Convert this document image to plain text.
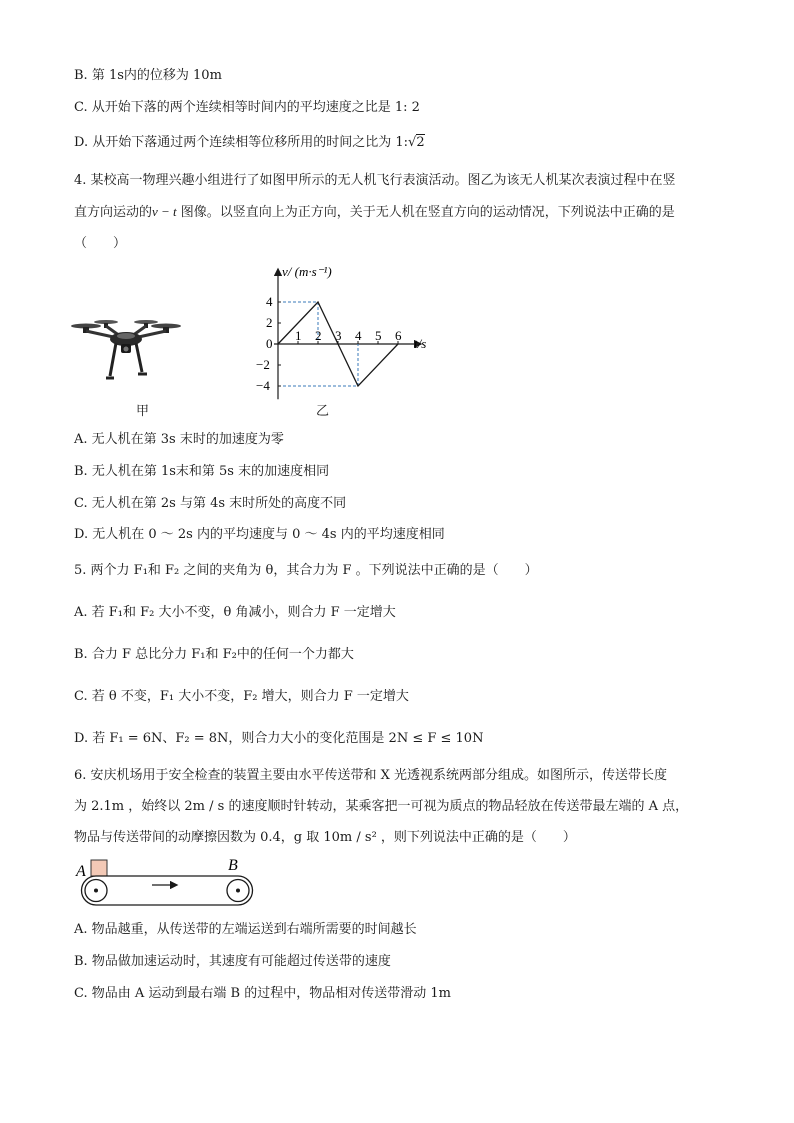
B. 第 1s内的位移为 10m
C. 从开始下落的两个连续相等时间内的平均速度之比是 1: 2
D. 从开始下落通过两个连续相等位移所用的时间之比为 1:√2
4. 某校高一物理兴趣小组进行了如图甲所示的无人机飞行表演活动。图乙为该无人机某次表演过程中在竖
直方向运动的v − t 图像。以竖直向上为正方向，关于无人机在竖直方向的运动情况，下列说法中正确的是
（　　）
甲
1 2 3 4 5 6
4
2
0
−2
−4
v/ (m·s⁻¹)
t/s
乙
A. 无人机在第 3s 末时的加速度为零
B. 无人机在第 1s末和第 5s 末的加速度相同
C. 无人机在第 2s 与第 4s 末时所处的高度不同
D. 无人机在 0 ～ 2s 内的平均速度与 0 ～ 4s 内的平均速度相同
5. 两个力 F₁和 F₂ 之间的夹角为 θ，其合力为 F 。下列说法中正确的是（　　）
A. 若 F₁和 F₂ 大小不变，θ 角减小，则合力 F 一定增大
B. 合力 F 总比分力 F₁和 F₂中的任何一个力都大
C. 若 θ 不变，F₁ 大小不变，F₂ 增大，则合力 F 一定增大
D. 若 F₁ = 6N、F₂ = 8N，则合力大小的变化范围是 2N ≤ F ≤ 10N
6. 安庆机场用于安全检查的装置主要由水平传送带和 X 光透视系统两部分组成。如图所示，传送带长度
为 2.1m ，始终以 2m / s 的速度顺时针转动，某乘客把一可视为质点的物品轻放在传送带最左端的 A 点，
物品与传送带间的动摩擦因数为 0.4，g 取 10m / s² ，则下列说法中正确的是（　　）
A	B
A. 物品越重，从传送带的左端运送到右端所需要的时间越长
B. 物品做加速运动时，其速度有可能超过传送带的速度
C. 物品由 A 运动到最右端 B 的过程中，物品相对传送带滑动 1m
